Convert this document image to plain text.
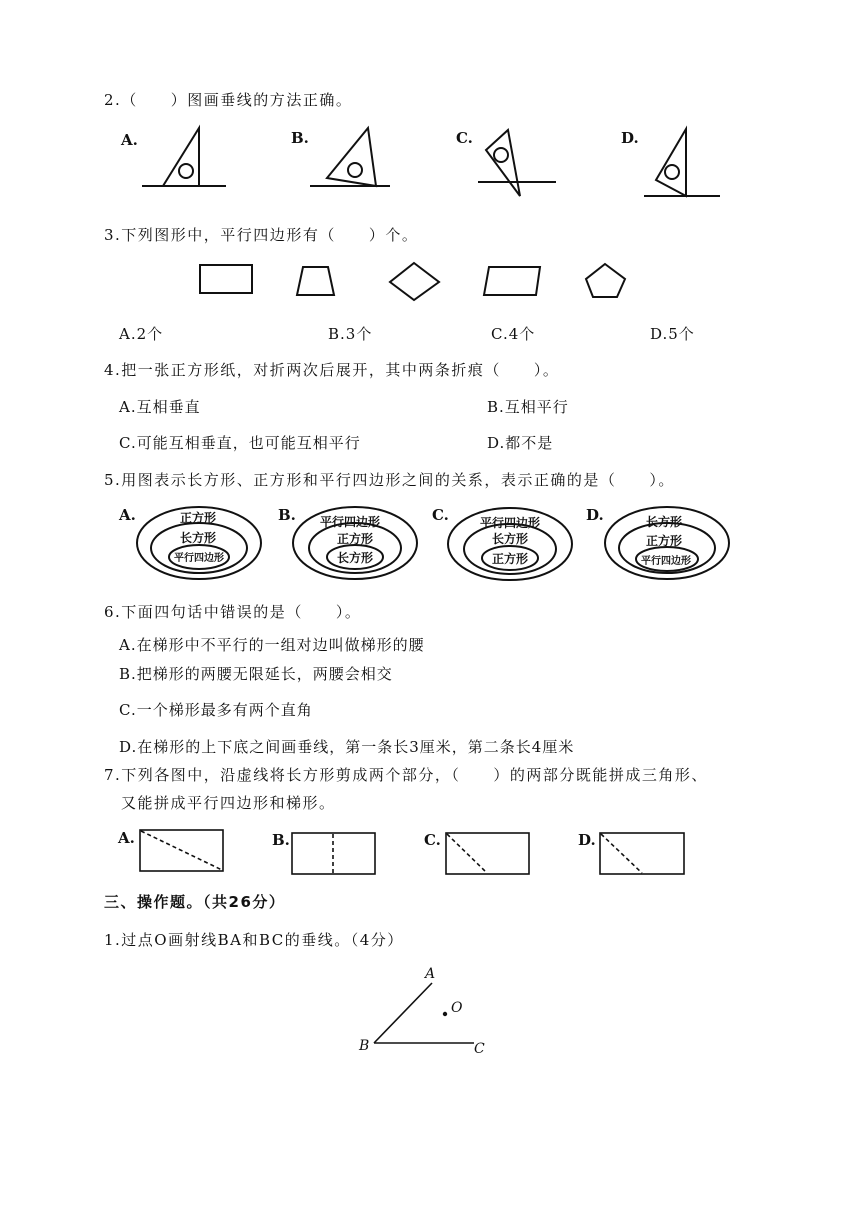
2.（　　）图画垂线的方法正确。
A.	B.	C.	D.
3.下列图形中，平行四边形有（　　）个。
A.2个	B.3个	C.4个	D.5个
4.把一张正方形纸，对折两次后展开，其中两条折痕（　　）。
A.互相垂直	B.互相平行
C.可能互相垂直，也可能互相平行	D.都不是
5.用图表示长方形、正方形和平行四边形之间的关系，表示正确的是（　　）。
A.	B.	C.	D.
正方形
长方形
平行四边形
平行四边形
正方形
长方形
平行四边形
长方形
正方形
长方形
正方形
平行四边形
6.下面四句话中错误的是（　　）。
A.在梯形中不平行的一组对边叫做梯形的腰
B.把梯形的两腰无限延长，两腰会相交
C.一个梯形最多有两个直角
D.在梯形的上下底之间画垂线，第一条长3厘米，第二条长4厘米
7.下列各图中，沿虚线将长方形剪成两个部分，（　　）的两部分既能拼成三角形、
又能拼成平行四边形和梯形。
A.	B.	C.	D.
三、操作题。（共26分）
1.过点O画射线BA和BC的垂线。（4分）
A
O
B	C
